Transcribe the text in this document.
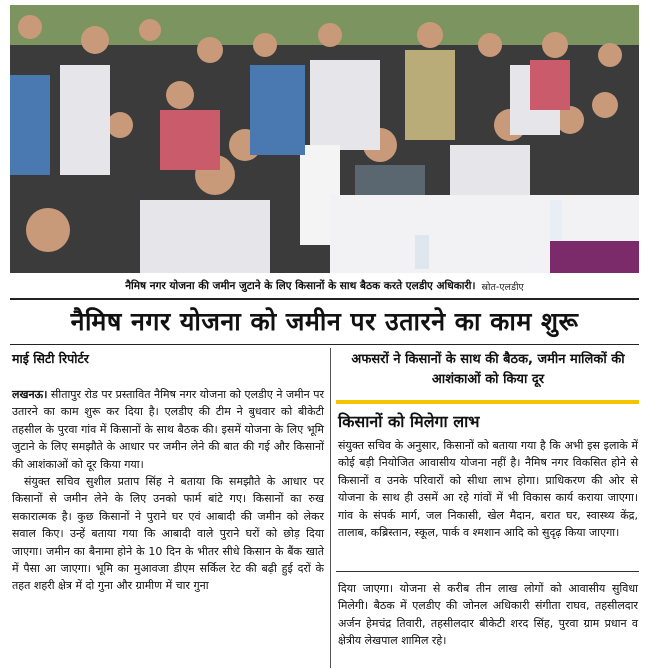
नैमिष नगर योजना की जमीन जुटाने के लिए किसानों के साथ बैठक करते एलडीए अधिकारी। स्रोत-एलडीए
नैमिष नगर योजना को जमीन पर उतारने का काम शुरू
माई सिटी रिपोर्टर	अफसरों ने किसानों के साथ की बैठक, जमीन मालिकों की आशंकाओं को किया दूर

लखनऊ। सीतापुर रोड पर प्रस्तावित नैमिष नगर योजना को एलडीए ने जमीन पर उतारने का काम शुरू कर दिया है। एलडीए की टीम ने बुधवार को बीकेटी तहसील के पुरवा गांव में किसानों के साथ बैठक की। इसमें योजना के लिए भूमि जुटाने के लिए समझौते के आधार पर जमीन लेने की बात की गई और किसानों की आशंकाओं को दूर किया गया।

संयुक्त सचिव सुशील प्रताप सिंह ने बताया कि समझौते के आधार पर किसानों से जमीन लेने के लिए उनको फार्म बांटे गए। किसानों का रुख सकारात्मक है। कुछ किसानों ने पुराने घर एवं आबादी की जमीन को लेकर सवाल किए। उन्हें बताया गया कि आबादी वाले पुराने घरों को छोड़ दिया जाएगा। जमीन का बैनामा होने के 10 दिन के भीतर सीधे किसान के बैंक खाते में पैसा आ जाएगा। भूमि का मुआवजा डीएम सर्किल रेट की बढ़ी हुई दरों के तहत शहरी क्षेत्र में दो गुना और ग्रामीण में चार गुना

किसानों को मिलेगा लाभ
संयुक्त सचिव के अनुसार, किसानों को बताया गया है कि अभी इस इलाके में कोई बड़ी नियोजित आवासीय योजना नहीं है। नैमिष नगर विकसित होने से किसानों व उनके परिवारों को सीधा लाभ होगा। प्राधिकरण की ओर से योजना के साथ ही उसमें आ रहे गांवों में भी विकास कार्य कराया जाएगा। गांव के संपर्क मार्ग, जल निकासी, खेल मैदान, बरात घर, स्वास्थ्य केंद्र, तालाब, कब्रिस्तान, स्कूल, पार्क व श्मशान आदि को सुदृढ़ किया जाएगा।
दिया जाएगा। योजना से करीब तीन लाख लोगों को आवासीय सुविधा मिलेगी। बैठक में एलडीए की जोनल अधिकारी संगीता राघव, तहसीलदार अर्जन हेमचंद्र तिवारी, तहसीलदार बीकेटी शरद सिंह, पुरवा ग्राम प्रधान व क्षेत्रीय लेखपाल शामिल रहे।
